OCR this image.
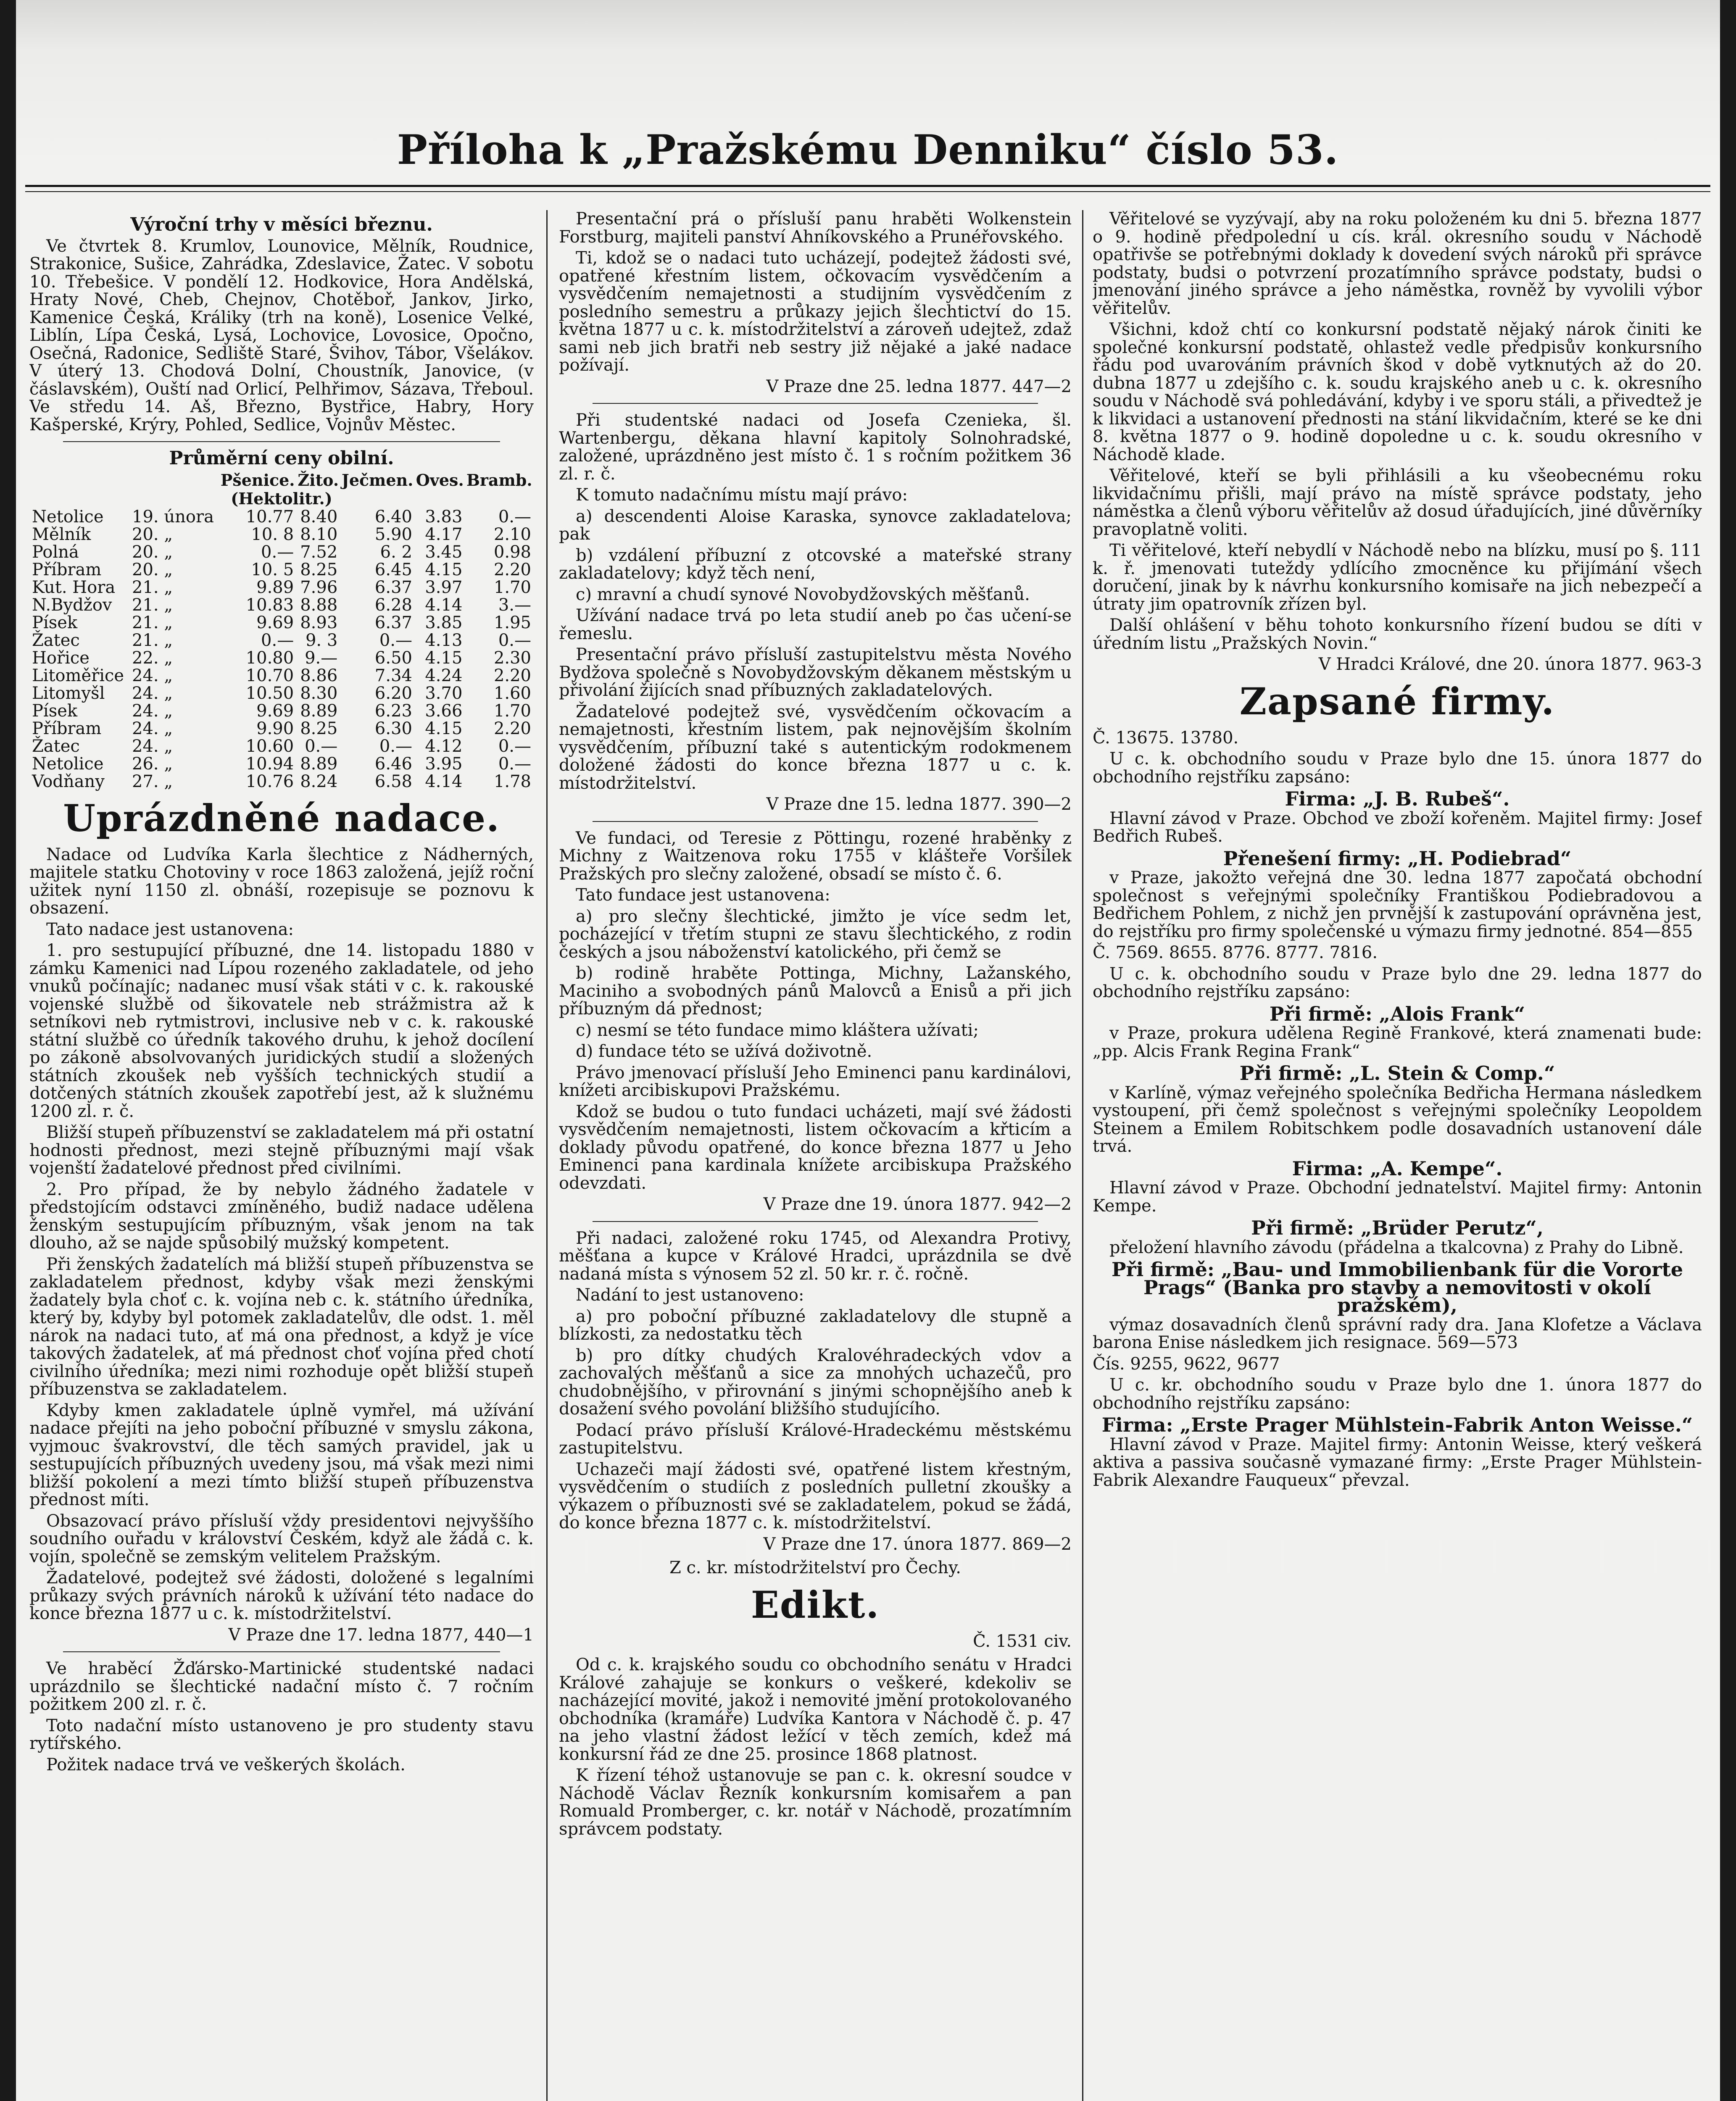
Příloha k „Pražskému Denniku“ číslo 53.
Výroční trhy v měsíci březnu.

Ve čtvrtek 8. Krumlov, Lounovice, Mělník, Roudnice, Strakonice, Sušice, Zahrádka, Zdeslavice, Žatec. V sobotu 10. Třebešice. V pondělí 12. Hodkovice, Hora Andělská, Hraty Nové, Cheb, Chejnov, Chotěboř, Jankov, Jirko, Kamenice Česká, Králiky (trh na koně), Losenice Velké, Liblín, Lípa Česká, Lysá, Lochovice, Lovosice, Opočno, Osečná, Radonice, Sedliště Staré, Švihov, Tábor, Všelákov. V úterý 13. Chodová Dolní, Choustník, Janovice, (v čáslavském), Ouští nad Orlicí, Pelhřimov, Sázava, Třeboul. Ve středu 14. Aš, Březno, Bystřice, Habry, Hory Kašperské, Krýry, Pohled, Sedlice, Vojnův Městec.

Průměrní ceny obilní.
		Pšenice.	Žito.	Ječmen.	Oves.	Bramb.
(Hektolitr.)						
Netolice	19. února	10.77	8.40	6.40	3.83	0.—
Mělník	20. „	10. 8	8.10	5.90	4.17	2.10
Polná	20. „	0.—	7.52	6. 2	3.45	0.98
Příbram	20. „	10. 5	8.25	6.45	4.15	2.20
Kut. Hora	21. „	9.89	7.96	6.37	3.97	1.70
N.Bydžov	21. „	10.83	8.88	6.28	4.14	3.—
Písek	21. „	9.69	8.93	6.37	3.85	1.95
Žatec	21. „	0.—	9. 3	0.—	4.13	0.—
Hořice	22. „	10.80	9.—	6.50	4.15	2.30
Litoměřice	24. „	10.70	8.86	7.34	4.24	2.20
Litomyšl	24. „	10.50	8.30	6.20	3.70	1.60
Písek	24. „	9.69	8.89	6.23	3.66	1.70
Příbram	24. „	9.90	8.25	6.30	4.15	2.20
Žatec	24. „	10.60	0.—	0.—	4.12	0.—
Netolice	26. „	10.94	8.89	6.46	3.95	0.—
Vodňany	27. „	10.76	8.24	6.58	4.14	1.78
Uprázdněné nadace.

Nadace od Ludvíka Karla šlechtice z Nádherných, majitele statku Chotoviny v roce 1863 založená, jejíž roční užitek nyní 1150 zl. obnáší, rozepisuje se poznovu k obsazení.

Tato nadace jest ustanovena:

1. pro sestupující příbuzné, dne 14. listopadu 1880 v zámku Kamenici nad Lípou rozeného zakladatele, od jeho vnuků počínajíc; nadanec musí však státi v c. k. rakouské vojenské službě od šikovatele neb strážmistra až k setníkovi neb rytmistrovi, inclusive neb v c. k. rakouské státní službě co úředník takového druhu, k jehož docílení po zákoně absolvovaných juridických studií a složených státních zkoušek neb vyšších technických studií a dotčených státních zkoušek zapotřebí jest, až k služnému 1200 zl. r. č.

Bližší stupeň příbuzenství se zakladatelem má při ostatní hodnosti přednost, mezi stejně příbuznými mají však vojenští žadatelové přednost před civilními.

2. Pro případ, že by nebylo žádného žadatele v předstojícím odstavci zmíněného, budiž nadace udělena ženským sestupujícím příbuzným, však jenom na tak dlouho, až se najde spůsobilý mužský kompetent.

Při ženských žadatelích má bližší stupeň příbuzenstva se zakladatelem přednost, kdyby však mezi ženskými žadately byla choť c. k. vojína neb c. k. státního úředníka, který by, kdyby byl potomek zakladatelův, dle odst. 1. měl nárok na nadaci tuto, ať má ona přednost, a když je více takových žadatelek, ať má přednost choť vojína před chotí civilního úředníka; mezi nimi rozhoduje opět bližší stupeň příbuzenstva se zakladatelem.

Kdyby kmen zakladatele úplně vymřel, má užívání nadace přejíti na jeho poboční příbuzné v smyslu zákona, vyjmouc švakrovství, dle těch samých pravidel, jak u sestupujících příbuzných uvedeny jsou, má však mezi nimi bližší pokolení a mezi tímto bližší stupeň příbuzenstva přednost míti.

Obsazovací právo přísluší vždy presidentovi nejvyššího soudního ouřadu v království Českém, když ale žádá c. k. vojín, společně se zemským velitelem Pražským.

Žadatelové, podejtež své žádosti, doložené s legalními průkazy svých právních nároků k užívání této nadace do konce března 1877 u c. k. místodržitelství.

V Praze dne 17. ledna 1877, 440—1

Ve hraběcí Žďársko-Martinické studentské nadaci uprázdnilo se šlechtické nadační místo č. 7 ročním požitkem 200 zl. r. č.

Toto nadační místo ustanoveno je pro studenty stavu rytířského.

Požitek nadace trvá ve veškerých školách.

Presentační prá o přísluší panu hraběti Wolkenstein Forstburg, majiteli panství Ahníkovského a Prunéřovského.

Ti, kdož se o nadaci tuto ucházejí, podejtež žádosti své, opatřené křestním listem, očkovacím vysvědčením a vysvědčením nemajetnosti a studijním vysvědčením z posledního semestru a průkazy jejich šlechtictví do 15. května 1877 u c. k. místodržitelství a zároveň udejtež, zdaž sami neb jich bratři neb sestry již nějaké a jaké nadace požívají.

V Praze dne 25. ledna 1877. 447—2

Při studentské nadaci od Josefa Czenieka, šl. Wartenbergu, děkana hlavní kapitoly Solnohradské, založené, uprázdněno jest místo č. 1 s ročním požitkem 36 zl. r. č.

K tomuto nadačnímu místu mají právo:

a) descendenti Aloise Karaska, synovce zakladatelova; pak

b) vzdálení příbuzní z otcovské a mateřské strany zakladatelovy; když těch není,

c) mravní a chudí synové Novobydžovských měšťanů.

Užívání nadace trvá po leta studií aneb po čas učení-se řemeslu.

Presentační právo přísluší zastupitelstvu města Nového Bydžova společně s Novobydžovským děkanem městským u přivolání žijících snad příbuzných zakladatelových.

Žadatelové podejtež své, vysvědčením očkovacím a nemajetnosti, křestním listem, pak nejnovějším školním vysvědčením, příbuzní také s autentickým rodokmenem doložené žádosti do konce března 1877 u c. k. místodržitelství.

V Praze dne 15. ledna 1877. 390—2

Ve fundaci, od Teresie z Pöttingu, rozené hraběnky z Michny z Waitzenova roku 1755 v klášteře Voršilek Pražských pro slečny založené, obsadí se místo č. 6.

Tato fundace jest ustanovena:

a) pro slečny šlechtické, jimžto je více sedm let, pocházející v třetím stupni ze stavu šlechtického, z rodin českých a jsou náboženství katolického, při čemž se

b) rodině hraběte Pottinga, Michny, Lažanského, Maciniho a svobodných pánů Malovců a Enisů a při jich příbuzným dá přednost;

c) nesmí se této fundace mimo kláštera užívati;

d) fundace této se užívá doživotně.

Právo jmenovací přísluší Jeho Eminenci panu kardinálovi, knížeti arcibiskupovi Pražskému.

Kdož se budou o tuto fundaci ucházeti, mají své žádosti vysvědčením nemajetnosti, listem očkovacím a křticím a doklady původu opatřené, do konce března 1877 u Jeho Eminenci pana kardinala knížete arcibiskupa Pražského odevzdati.

V Praze dne 19. února 1877. 942—2

Při nadaci, založené roku 1745, od Alexandra Protivy, měšťana a kupce v Králové Hradci, uprázdnila se dvě nadaná místa s výnosem 52 zl. 50 kr. r. č. ročně.

Nadání to jest ustanoveno:

a) pro poboční příbuzné zakladatelovy dle stupně a blízkosti, za nedostatku těch

b) pro dítky chudých Kralovéhradeckých vdov a zachovalých měšťanů a sice za mnohých uchazečů, pro chudobnějšího, v přirovnání s jinými schopnějšího aneb k dosažení svého povolání bližšího studujícího.

Podací právo přísluší Králové-Hradeckému městskému zastupitelstvu.

Uchazeči mají žádosti své, opatřené listem křestným, vysvědčením o studiích z posledních pulletní zkoušky a výkazem o příbuznosti své se zakladatelem, pokud se žádá, do konce března 1877 c. k. místodržitelství.

V Praze dne 17. února 1877. 869—2

Z c. kr. místodržitelství pro Čechy.

Edikt.

Č. 1531 civ.

Od c. k. krajského soudu co obchodního senátu v Hradci Králové zahajuje se konkurs o veškeré, kdekoliv se nacházející movité, jakož i nemovité jmění protokolovaného obchodníka (kramáře) Ludvíka Kantora v Náchodě č. p. 47 na jeho vlastní žádost ležící v těch zemích, kdež má konkursní řád ze dne 25. prosince 1868 platnost.

K řízení téhož ustanovuje se pan c. k. okresní soudce v Náchodě Václav Řezník konkursním komisařem a pan Romuald Promberger, c. kr. notář v Náchodě, prozatímním správcem podstaty.

Věřitelové se vyzývají, aby na roku položeném ku dni 5. března 1877 o 9. hodině předpolední u cís. král. okresního soudu v Náchodě opatřivše se potřebnými doklady k dovedení svých nároků při správce podstaty, budsi o potvrzení prozatímního správce podstaty, budsi o jmenování jiného správce a jeho náměstka, rovněž by vyvolili výbor věřitelův.

Všichni, kdož chtí co konkursní podstatě nějaký nárok činiti ke společné konkursní podstatě, ohlastež vedle předpisův konkursního řádu pod uvarováním právních škod v době vytknutých až do 20. dubna 1877 u zdejšího c. k. soudu krajského aneb u c. k. okresního soudu v Náchodě svá pohledávání, kdyby i ve sporu stáli, a přivedtež je k likvidaci a ustanovení přednosti na stání likvidačním, které se ke dni 8. května 1877 o 9. hodině dopoledne u c. k. soudu okresního v Náchodě klade.

Věřitelové, kteří se byli přihlásili a ku všeobecnému roku likvidačnímu přišli, mají právo na místě správce podstaty, jeho náměstka a členů výboru věřitelův až dosud úřadujících, jiné důvěrníky pravoplatně voliti.

Ti věřitelové, kteří nebydlí v Náchodě nebo na blízku, musí po §. 111 k. ř. jmenovati tuteždy ydlícího zmocněnce ku přijímání všech doručení, jinak by k návrhu konkursního komisaře na jich nebezpečí a útraty jim opatrovník zřízen byl.

Další ohlášení v běhu tohoto konkursního řízení budou se díti v úředním listu „Pražských Novin.“

V Hradci Králové, dne 20. února 1877. 963-3

Zapsané firmy.

Č. 13675. 13780.

U c. k. obchodního soudu v Praze bylo dne 15. února 1877 do obchodního rejstříku zapsáno:

Firma: „J. B. Rubeš“.

Hlavní závod v Praze. Obchod ve zboží kořeněm. Majitel firmy: Josef Bedřich Rubeš.

Přenešení firmy: „H. Podiebrad“

v Praze, jakožto veřejná dne 30. ledna 1877 započatá obchodní společnost s veřejnými společníky Františkou Podiebradovou a Bedřichem Pohlem, z nichž jen prvnější k zastupování oprávněna jest, do rejstříku pro firmy společenské u výmazu firmy jednotné. 854—855

Č. 7569. 8655. 8776. 8777. 7816.

U c. k. obchodního soudu v Praze bylo dne 29. ledna 1877 do obchodního rejstříku zapsáno:

Při firmě: „Alois Frank“

v Praze, prokura udělena Regině Frankové, která znamenati bude: „pp. Alcis Frank Regina Frank“

Při firmě: „L. Stein & Comp.“

v Karlíně, výmaz veřejného společníka Bedřicha Hermana následkem vystoupení, při čemž společnost s veřejnými společníky Leopoldem Steinem a Emilem Robitschkem podle dosavadních ustanovení dále trvá.

Firma: „A. Kempe“.

Hlavní závod v Praze. Obchodní jednatelství. Majitel firmy: Antonin Kempe.

Při firmě: „Brüder Perutz“,

přeložení hlavního závodu (přádelna a tkalcovna) z Prahy do Libně.

Při firmě: „Bau- und Immobilienbank für die Vororte Prags“ (Banka pro stavby a nemovitosti v okolí pražském),

výmaz dosavadních členů správní rady dra. Jana Klofetze a Václava barona Enise následkem jich resignace. 569—573

Čís. 9255, 9622, 9677

U c. kr. obchodního soudu v Praze bylo dne 1. února 1877 do obchodního rejstříku zapsáno:

Firma: „Erste Prager Mühlstein-Fabrik Anton Weisse.“

Hlavní závod v Praze. Majitel firmy: Antonin Weisse, který veškerá aktiva a passiva současně vymazané firmy: „Erste Prager Mühlstein-Fabrik Alexandre Fauqueux“ převzal.
